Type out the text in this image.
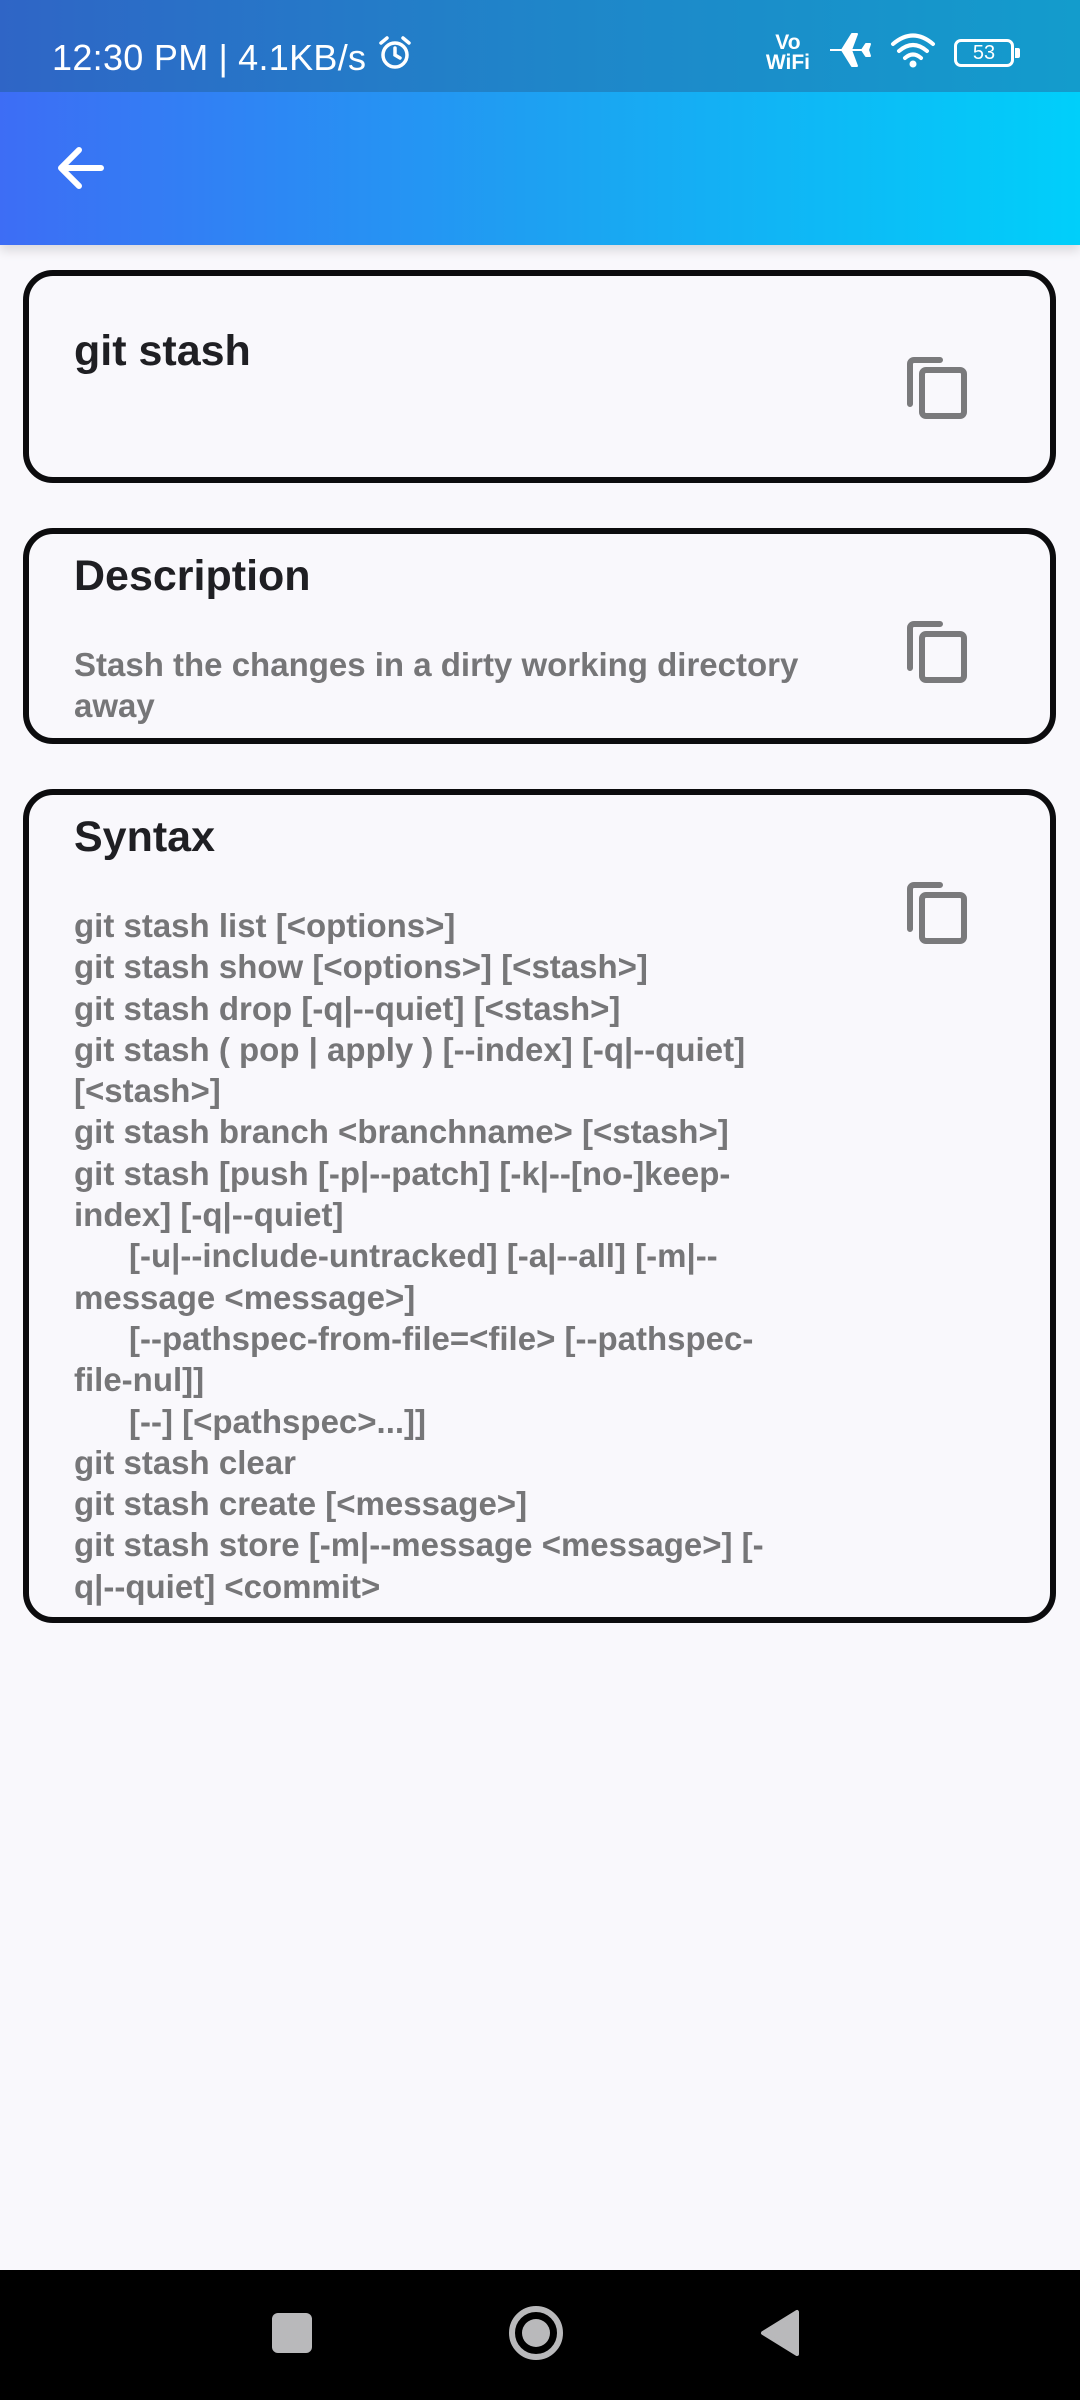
12:30 PM | 4.1KB/s	Vo
WiFi	53
git stash
Description
Stash the changes in a dirty working directory away
Syntax
git stash list [<options>]
git stash show [<options>] [<stash>]
git stash drop [-q|--quiet] [<stash>]
git stash ( pop | apply ) [--index] [-q|--quiet]
[<stash>]
git stash branch <branchname> [<stash>]
git stash [push [-p|--patch] [-k|--[no-]keep-
index] [-q|--quiet]
[-u|--include-untracked] [-a|--all] [-m|--
message <message>]
[--pathspec-from-file=<file> [--pathspec-
file-nul]]
[--] [<pathspec>...]]
git stash clear
git stash create [<message>]
git stash store [-m|--message <message>] [-
q|--quiet] <commit>
